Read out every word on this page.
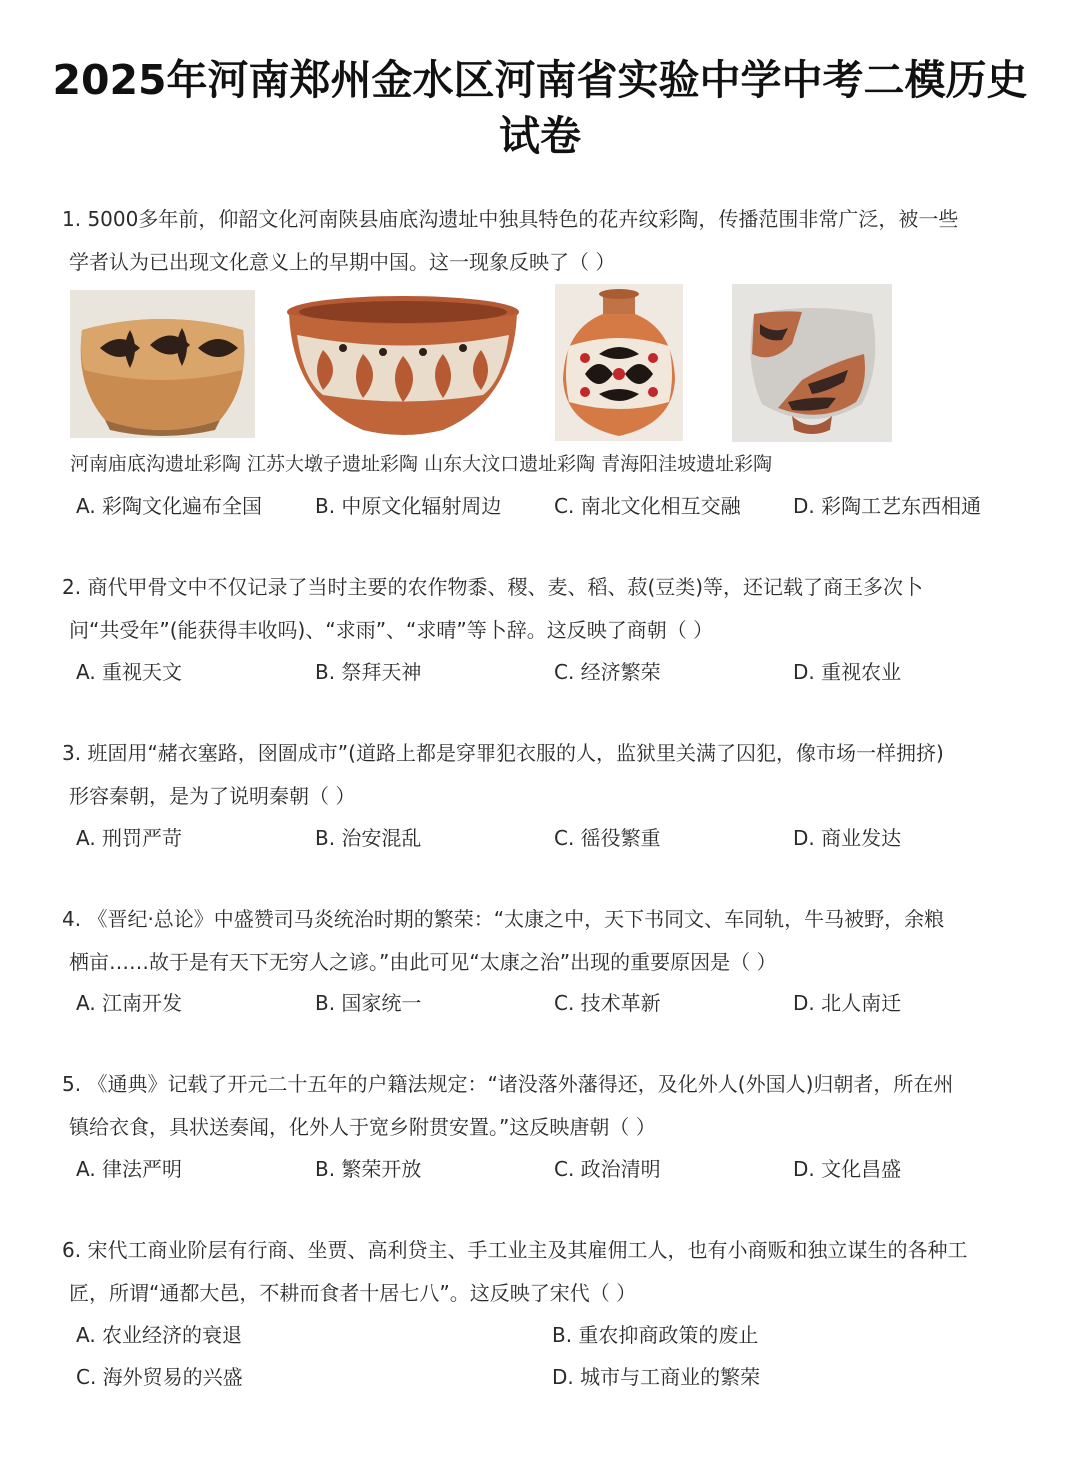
2025年河南郑州金水区河南省实验中学中考二模历史
试卷
1. 5000多年前，仰韶文化河南陕县庙底沟遗址中独具特色的花卉纹彩陶，传播范围非常广泛，被一些
学者认为已出现文化意义上的早期中国。这一现象反映了（ ）
河南庙底沟遗址彩陶 江苏大墩子遗址彩陶 山东大汶口遗址彩陶 青海阳洼坡遗址彩陶
A. 彩陶文化遍布全国	B. 中原文化辐射周边	C. 南北文化相互交融	D. 彩陶工艺东西相通
2. 商代甲骨文中不仅记录了当时主要的农作物黍、稷、麦、稻、菽(豆类)等，还记载了商王多次卜
问“共受年”(能获得丰收吗)、“求雨”、“求晴”等卜辞。这反映了商朝（ ）
A. 重视天文	B. 祭拜天神	C. 经济繁荣	D. 重视农业
3. 班固用“赭衣塞路，囹圄成市”(道路上都是穿罪犯衣服的人，监狱里关满了囚犯，像市场一样拥挤)
形容秦朝，是为了说明秦朝（ ）
A. 刑罚严苛	B. 治安混乱	C. 徭役繁重	D. 商业发达
4. 《晋纪·总论》中盛赞司马炎统治时期的繁荣：“太康之中，天下书同文、车同轨，牛马被野，余粮
栖亩……故于是有天下无穷人之谚。”由此可见“太康之治”出现的重要原因是（ ）
A. 江南开发	B. 国家统一	C. 技术革新	D. 北人南迁
5. 《通典》记载了开元二十五年的户籍法规定：“诸没落外藩得还，及化外人(外国人)归朝者，所在州
镇给衣食，具状送奏闻，化外人于宽乡附贯安置。”这反映唐朝（ ）
A. 律法严明	B. 繁荣开放	C. 政治清明	D. 文化昌盛
6. 宋代工商业阶层有行商、坐贾、高利贷主、手工业主及其雇佣工人，也有小商贩和独立谋生的各种工
匠，所谓“通都大邑，不耕而食者十居七八”。这反映了宋代（ ）
A. 农业经济的衰退	B. 重农抑商政策的废止
C. 海外贸易的兴盛	D. 城市与工商业的繁荣
